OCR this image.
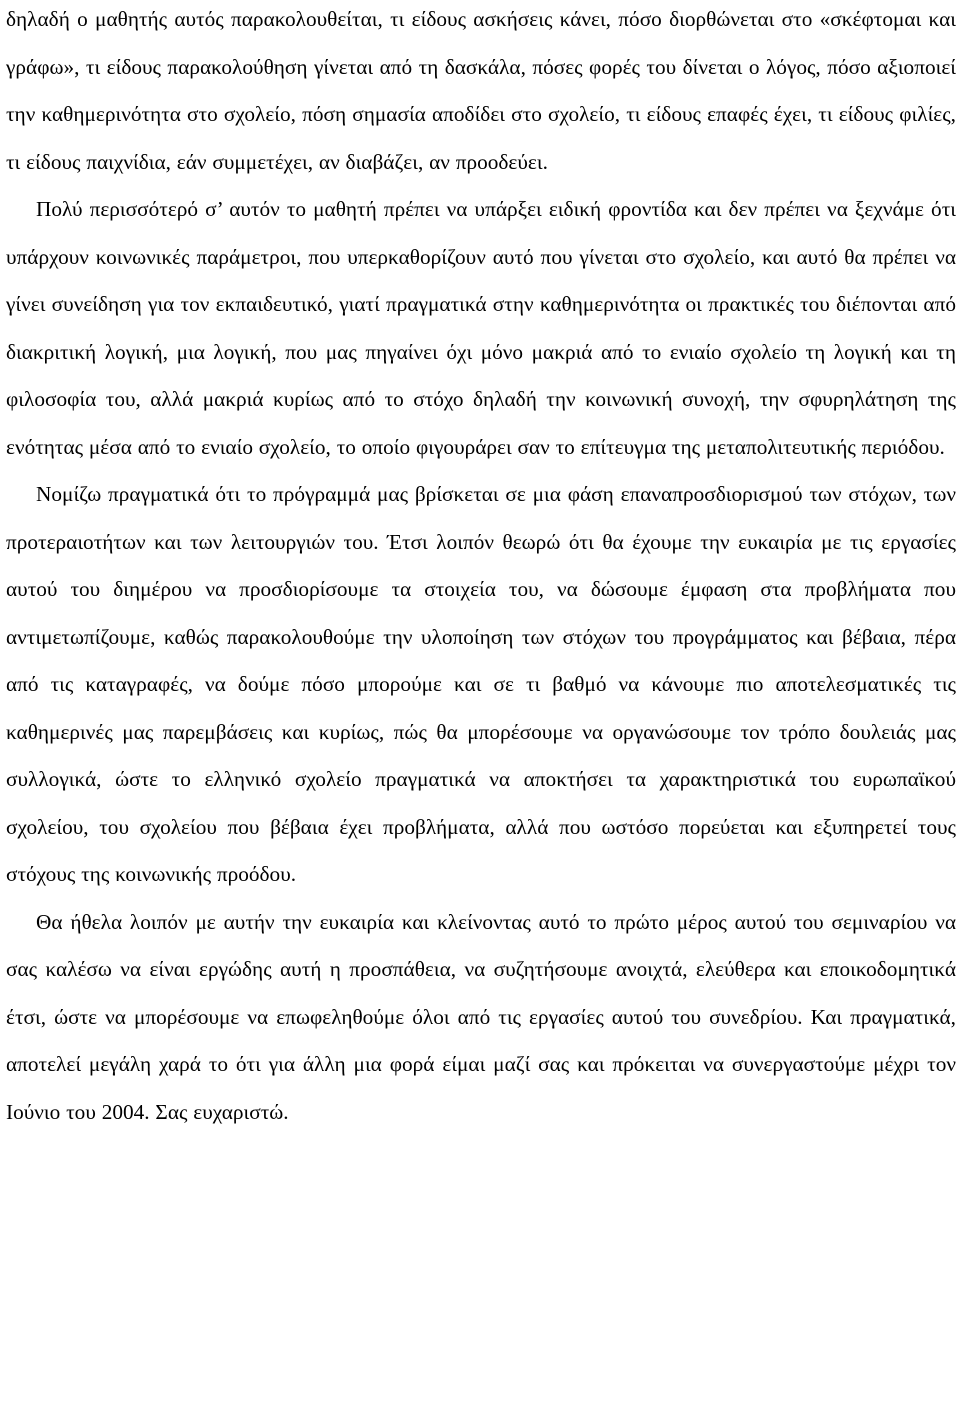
δηλαδή ο μαθητής αυτός παρακολουθείται, τι είδους ασκήσεις κάνει, πόσο διορθώνεται στο «σκέφτομαι και γράφω», τι είδους παρακολούθηση γίνεται από τη δασκάλα, πόσες φορές του δίνεται ο λόγος, πόσο αξιοποιεί την καθημερινότητα στο σχολείο, πόση σημασία αποδίδει στο σχολείο, τι είδους επαφές έχει, τι είδους φιλίες, τι είδους παιχνίδια, εάν συμμετέχει, αν διαβάζει, αν προοδεύει.

Πολύ περισσότερό σ’ αυτόν το μαθητή πρέπει να υπάρξει ειδική φροντίδα και δεν πρέπει να ξεχνάμε ότι υπάρχουν κοινωνικές παράμετροι, που υπερκαθορίζουν αυτό που γίνεται στο σχολείο, και αυτό θα πρέπει να γίνει συνείδηση για τον εκπαιδευτικό, γιατί πραγματικά στην καθημερινότητα οι πρακτικές του διέπονται από διακριτική λογική, μια λογική, που μας πηγαίνει όχι μόνο μακριά από το ενιαίο σχολείο τη λογική και τη φιλοσοφία του, αλλά μακριά κυρίως από το στόχο δηλαδή την κοινωνική συνοχή, την σφυρηλάτηση της ενότητας μέσα από το ενιαίο σχολείο, το οποίο φιγουράρει σαν το επίτευγμα της μεταπολιτευτικής περιόδου.

Νομίζω πραγματικά ότι το πρόγραμμά μας βρίσκεται σε μια φάση επαναπροσδιορισμού των στόχων, των προτεραιοτήτων και των λειτουργιών του. Έτσι λοιπόν θεωρώ ότι θα έχουμε την ευκαιρία με τις εργασίες αυτού του διημέρου να προσδιορίσουμε τα στοιχεία του, να δώσουμε έμφαση στα προβλήματα που αντιμετωπίζουμε, καθώς παρακολουθούμε την υλοποίηση των στόχων του προγράμματος και βέβαια, πέρα από τις καταγραφές, να δούμε πόσο μπορούμε και σε τι βαθμό να κάνουμε πιο αποτελεσματικές τις καθημερινές μας παρεμβάσεις και κυρίως, πώς θα μπορέσουμε να οργανώσουμε τον τρόπο δουλειάς μας συλλογικά, ώστε το ελληνικό σχολείο πραγματικά να αποκτήσει τα χαρακτηριστικά του ευρωπαϊκού σχολείου, του σχολείου που βέβαια έχει προβλήματα, αλλά που ωστόσο πορεύεται και εξυπηρετεί τους στόχους της κοινωνικής προόδου.

Θα ήθελα λοιπόν με αυτήν την ευκαιρία και κλείνοντας αυτό το πρώτο μέρος αυτού του σεμιναρίου να σας καλέσω να είναι εργώδης αυτή η προσπάθεια, να συζητήσουμε ανοιχτά, ελεύθερα και εποικοδομητικά έτσι, ώστε να μπορέσουμε να επωφεληθούμε όλοι από τις εργασίες αυτού του συνεδρίου. Και πραγματικά, αποτελεί μεγάλη χαρά το ότι για άλλη μια φορά είμαι μαζί σας και πρόκειται να συνεργαστούμε μέχρι τον Ιούνιο του 2004. Σας ευχαριστώ.
